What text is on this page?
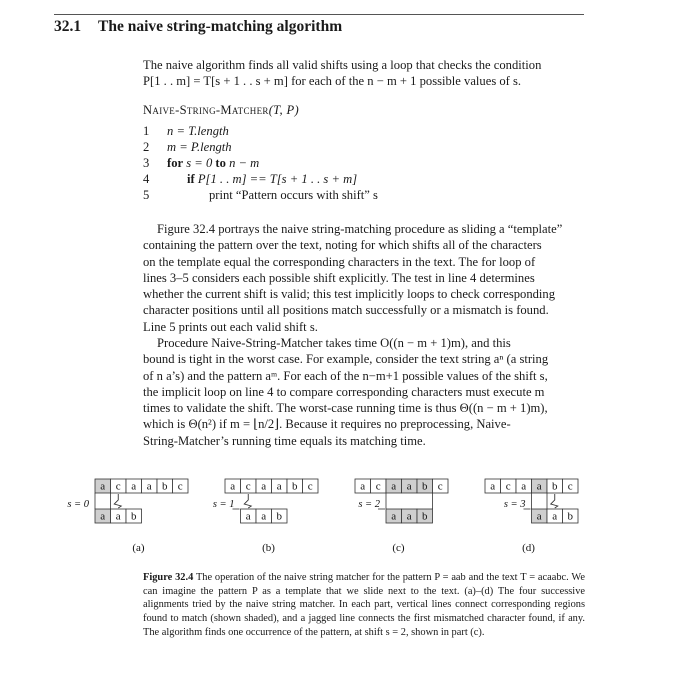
32.1 The naive string-matching algorithm

The naive algorithm finds all valid shifts using a loop that checks the condition

P[1 . . m] = T[s + 1 . . s + m] for each of the n − m + 1 possible values of s.

Naive-String-Matcher(T, P)
1 n = T.length
2 m = P.length
3 for s = 0 to n − m
4	if P[1 . . m] == T[s + 1 . . s + m]
5	print “Pattern occurs with shift” s

Figure 32.4 portrays the naive string-matching procedure as sliding a “template”

containing the pattern over the text, noting for which shifts all of the characters

on the template equal the corresponding characters in the text. The for loop of

lines 3–5 considers each possible shift explicitly. The test in line 4 determines

whether the current shift is valid; this test implicitly loops to check corresponding

character positions until all positions match successfully or a mismatch is found.

Line 5 prints out each valid shift s.

Procedure Naive-String-Matcher takes time O((n − m + 1)m), and this

bound is tight in the worst case. For example, consider the text string aⁿ (a string

of n a’s) and the pattern aᵐ. For each of the n−m+1 possible values of the shift s,

the implicit loop on line 4 to compare corresponding characters must execute m

times to validate the shift. The worst-case running time is thus Θ((n − m + 1)m),

which is Θ(n²) if m = ⌊n/2⌋. Because it requires no preprocessing, Naive-

String-Matcher’s running time equals its matching time.

a c a a b c
a a b
s = 0
(a)
a c a a b c
a a b
s = 1
(b)
a c a a b c
a a b
s = 2
(c)
a c a a b c
a a b
s = 3
(d)
Figure 32.4 The operation of the naive string matcher for the pattern P = aab and the text T = acaabc. We can imagine the pattern P as a template that we slide next to the text. (a)–(d) The four successive alignments tried by the naive string matcher. In each part, vertical lines connect corresponding regions found to match (shown shaded), and a jagged line connects the first mismatched character found, if any. The algorithm finds one occurrence of the pattern, at shift s = 2, shown in part (c).
